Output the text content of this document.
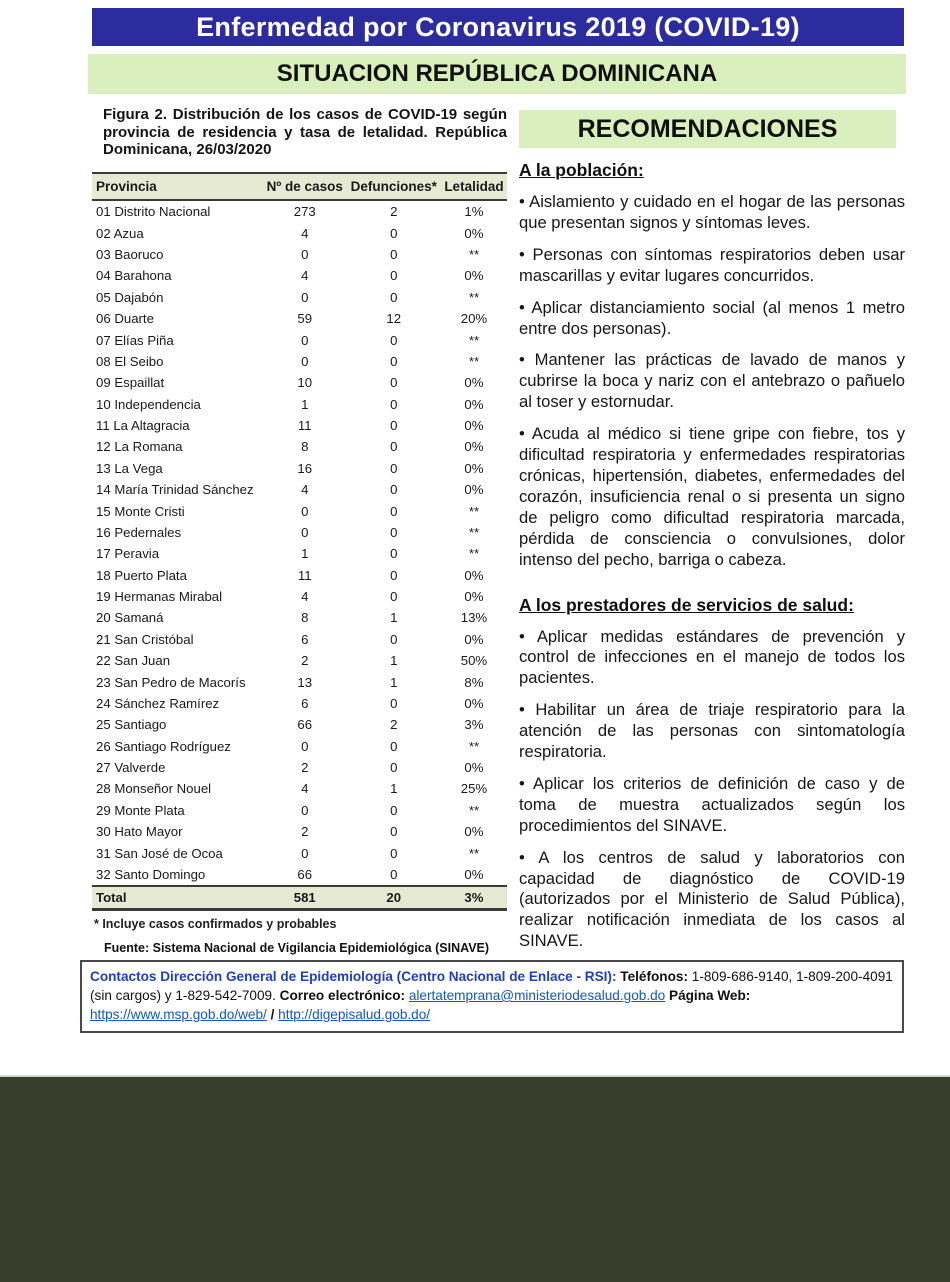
Enfermedad por Coronavirus 2019 (COVID-19)
SITUACION REPÚBLICA DOMINICANA
Figura 2. Distribución de los casos de COVID-19 según provincia de residencia y tasa de letalidad. República Dominicana, 26/03/2020
Provincia	Nº de casos	Defunciones*	Letalidad
01 Distrito Nacional	273	2	1%
02 Azua	4	0	0%
03 Baoruco	0	0	**
04 Barahona	4	0	0%
05 Dajabón	0	0	**
06 Duarte	59	12	20%
07 Elías Piña	0	0	**
08 El Seibo	0	0	**
09 Espaillat	10	0	0%
10 Independencia	1	0	0%
11 La Altagracia	11	0	0%
12 La Romana	8	0	0%
13 La Vega	16	0	0%
14 María Trinidad Sánchez	4	0	0%
15 Monte Cristi	0	0	**
16 Pedernales	0	0	**
17 Peravia	1	0	**
18 Puerto Plata	11	0	0%
19 Hermanas Mirabal	4	0	0%
20 Samaná	8	1	13%
21 San Cristóbal	6	0	0%
22 San Juan	2	1	50%
23 San Pedro de Macorís	13	1	8%
24 Sánchez Ramírez	6	0	0%
25 Santiago	66	2	3%
26 Santiago Rodríguez	0	0	**
27 Valverde	2	0	0%
28 Monseñor Nouel	4	1	25%
29 Monte Plata	0	0	**
30 Hato Mayor	2	0	0%
31 San José de Ocoa	0	0	**
32 Santo Domingo	66	0	0%
Total	581	20	3%
* Incluye casos confirmados y probables
Fuente: Sistema Nacional de Vigilancia Epidemiológica (SINAVE)
RECOMENDACIONES
A la población:

• Aislamiento y cuidado en el hogar de las personas que presentan signos y síntomas leves.

• Personas con síntomas respiratorios deben usar mascarillas y evitar lugares concurridos.

• Aplicar distanciamiento social (al menos 1 metro entre dos personas).

• Mantener las prácticas de lavado de manos y cubrirse la boca y nariz con el antebrazo o pañuelo al toser y estornudar.

• Acuda al médico si tiene gripe con fiebre, tos y dificultad respiratoria y enfermedades respiratorias crónicas, hipertensión, diabetes, enfermedades del corazón, insuficiencia renal o si presenta un signo de peligro como dificultad respiratoria marcada, pérdida de consciencia o convulsiones, dolor intenso del pecho, barriga o cabeza.

A los prestadores de servicios de salud:

• Aplicar medidas estándares de prevención y control de infecciones en el manejo de todos los pacientes.

• Habilitar un área de triaje respiratorio para la atención de las personas con sintomatología respiratoria.

• Aplicar los criterios de definición de caso y de toma de muestra actualizados según los procedimientos del SINAVE.

• A los centros de salud y laboratorios con capacidad de diagnóstico de COVID-19 (autorizados por el Ministerio de Salud Pública), realizar notificación inmediata de los casos al SINAVE.

Contactos Dirección General de Epidemiología (Centro Nacional de Enlace - RSI): Teléfonos: 1-809-686-9140, 1-809-200-4091 (sin cargos) y 1-829-542-7009. Correo electrónico: alertatemprana@ministeriodesalud.gob.do Página Web: https://www.msp.gob.do/web/ / http://digepisalud.gob.do/
